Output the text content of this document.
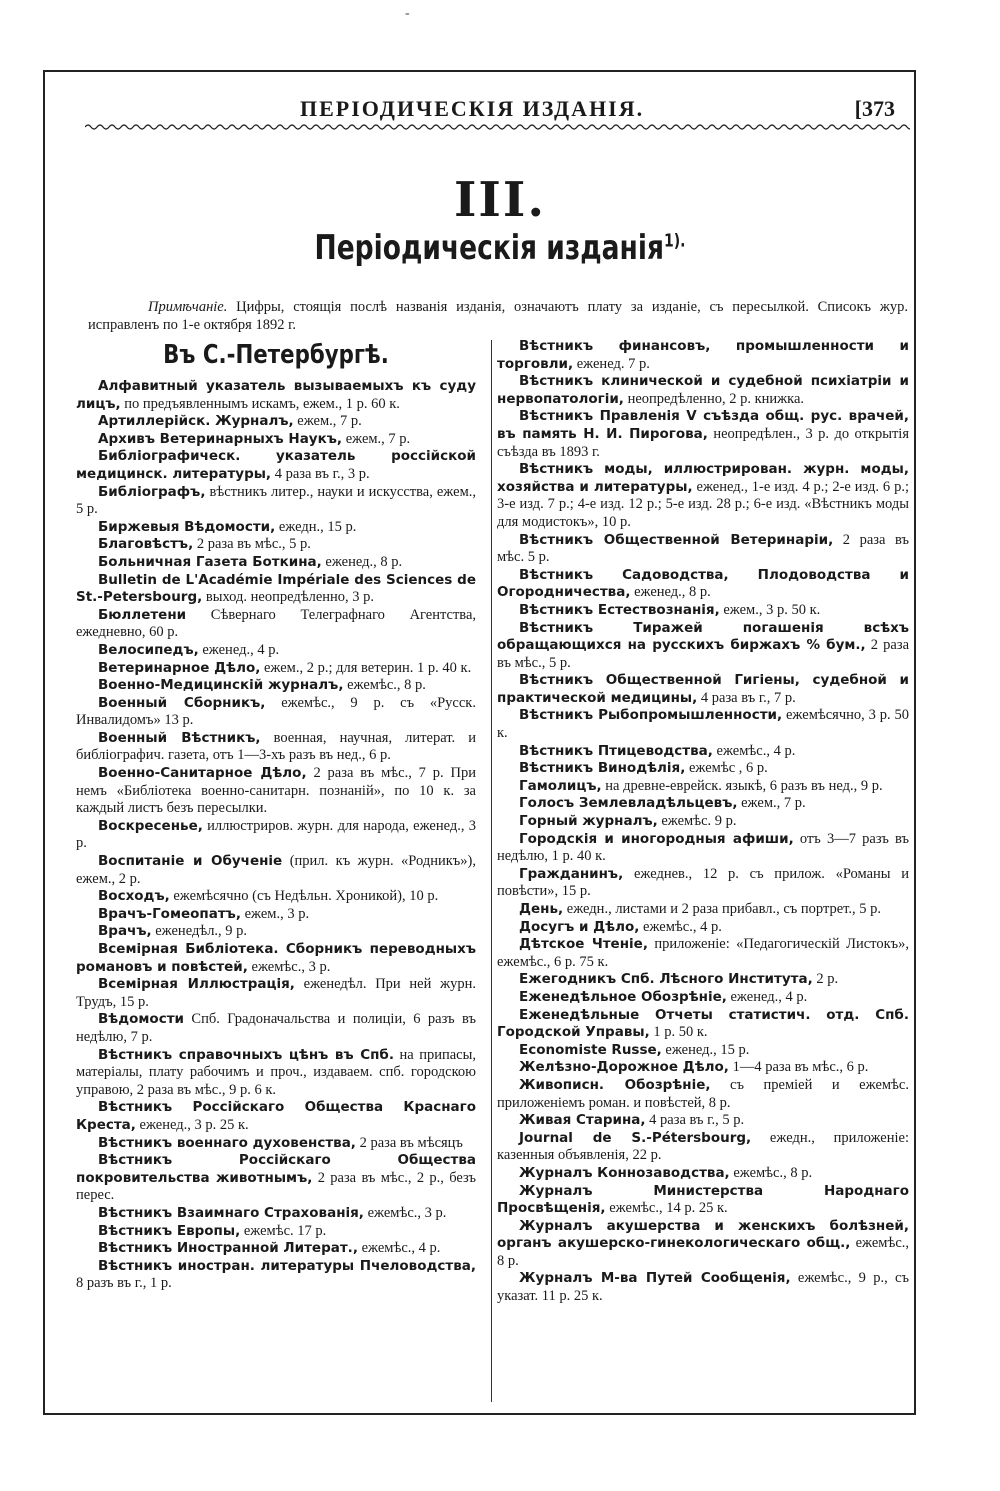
-
ПЕРІОДИЧЕСКІЯ ИЗДАНІЯ.	[373
III.
Періодическія изданія$^{1).}$

Примѣчаніе. Цифры, стоящія послѣ названія изданія, означаютъ плату за изданіе, съ пересылкой. Списокъ жур. исправленъ по 1-е октября 1892 г.

Въ С.-Петербургѣ.

Алфавитный указатель вызываемыхъ къ суду лицъ, по предъявленнымъ искамъ, ежем., 1 р. 60 к.

Артиллерійск. Журналъ, ежем., 7 р.

Архивъ Ветеринарныхъ Наукъ, ежем., 7 р.

Библіографическ. указатель россійской медицинск. литературы, 4 раза въ г., 3 р.

Библіографъ, вѣстникъ литер., науки и искусства, ежем., 5 р.

Биржевыя Вѣдомости, ежедн., 15 р.

Благовѣстъ, 2 раза въ мѣс., 5 р.

Больничная Газета Боткина, еженед., 8 р.

Bulletin de L'Académie Impériale des Sciences de St.-Petersbourg, выход. неопредѣленно, 3 р.

Бюллетени Сѣвернаго Телеграфнаго Агентства, ежедневно, 60 р.

Велосипедъ, еженед., 4 р.

Ветеринарное Дѣло, ежем., 2 р.; для ветерин. 1 р. 40 к.

Военно-Медицинскій журналъ, ежемѣс., 8 р.

Военный Сборникъ, ежемѣс., 9 р. съ «Русск. Инвалидомъ» 13 р.

Военный Вѣстникъ, военная, научная, литерат. и библіографич. газета, отъ 1—3-хъ разъ въ нед., 6 р.

Военно-Санитарное Дѣло, 2 раза въ мѣс., 7 р. При немъ «Библіотека военно-санитарн. познаній», по 10 к. за каждый листъ безъ пересылки.

Воскресенье, иллюстриров. журн. для народа, еженед., 3 р.

Воспитаніе и Обученіе (прил. къ журн. «Родникъ»), ежем., 2 р.

Восходъ, ежемѣсячно (съ Недѣльн. Хроникой), 10 р.

Врачъ-Гомеопатъ, ежем., 3 р.

Врачъ, еженедѣл., 9 р.

Всемірная Библіотека. Сборникъ переводныхъ романовъ и повѣстей, ежемѣс., 3 р.

Всемірная Иллюстрація, еженедѣл. При ней журн. Трудъ, 15 р.

Вѣдомости Спб. Градоначальства и полиціи, 6 разъ въ недѣлю, 7 р.

Вѣстникъ справочныхъ цѣнъ въ Спб. на припасы, матеріалы, плату рабочимъ и проч., издаваем. спб. городскою управою, 2 раза въ мѣс., 9 р. 6 к.

Вѣстникъ Россійскаго Общества Краснаго Креста, еженед., 3 р. 25 к.

Вѣстникъ военнаго духовенства, 2 раза въ мѣсяцъ

Вѣстникъ Россійскаго Общества покровительства животнымъ, 2 раза въ мѣс., 2 р., безъ перес.

Вѣстникъ Взаимнаго Страхованія, ежемѣс., 3 р.

Вѣстникъ Европы, ежемѣс. 17 р.

Вѣстникъ Иностранной Литерат., ежемѣс., 4 р.

Вѣстникъ иностран. литературы Пчеловодства, 8 разъ въ г., 1 р.

Вѣстникъ финансовъ, промышленности и торговли, еженед. 7 р.

Вѣстникъ клинической и судебной психіатріи и нервопатологіи, неопредѣленно, 2 р. книжка.

Вѣстникъ Правленія V съѣзда общ. рус. врачей, въ память Н. И. Пирогова, неопредѣлен., 3 р. до открытія съѣзда въ 1893 г.

Вѣстникъ моды, иллюстрирован. журн. моды, хозяйства и литературы, еженед., 1-е изд. 4 р.; 2-е изд. 6 р.; 3-е изд. 7 р.; 4-е изд. 12 р.; 5-е изд. 28 р.; 6-е изд. «Вѣстникъ моды для модистокъ», 10 р.

Вѣстникъ Общественной Ветеринаріи, 2 раза въ мѣс. 5 р.

Вѣстникъ Садоводства, Плодоводства и Огородничества, еженед., 8 р.

Вѣстникъ Естествознанія, ежем., 3 р. 50 к.

Вѣстникъ Тиражей погашенія всѣхъ обращающихся на русскихъ биржахъ % бум., 2 раза въ мѣс., 5 р.

Вѣстникъ Общественной Гигіены, судебной и практической медицины, 4 раза въ г., 7 р.

Вѣстникъ Рыбопромышленности, ежемѣсячно, 3 р. 50 к.

Вѣстникъ Птицеводства, ежемѣс., 4 р.

Вѣстникъ Винодѣлія, ежемѣс , 6 р.

Гамолицъ, на древне-еврейск. языкѣ, 6 разъ въ нед., 9 р.

Голосъ Землевладѣльцевъ, ежем., 7 р.

Горный журналъ, ежемѣс. 9 р.

Городскія и иногородныя афиши, отъ 3—7 разъ въ недѣлю, 1 р. 40 к.

Гражданинъ, ежеднев., 12 р. съ прилож. «Романы и повѣсти», 15 р.

День, ежедн., листами и 2 раза прибавл., съ портрет., 5 р.

Досугъ и Дѣло, ежемѣс., 4 р.

Дѣтское Чтеніе, приложеніе: «Педагогическій Листокъ», ежемѣс., 6 р. 75 к.

Ежегодникъ Спб. Лѣсного Института, 2 р.

Еженедѣльное Обозрѣніе, еженед., 4 р.

Еженедѣльные Отчеты статистич. отд. Спб. Городской Управы, 1 р. 50 к.

Economiste Russe, еженед., 15 р.

Желѣзно-Дорожное Дѣло, 1—4 раза въ мѣс., 6 р.

Живописн. Обозрѣніе, съ преміей и ежемѣс. приложеніемъ роман. и повѣстей, 8 р.

Живая Старина, 4 раза въ г., 5 р.

Journal de S.-Pétersbourg, ежедн., приложеніе: казенныя объявленія, 22 р.

Журналъ Коннозаводства, ежемѣс., 8 р.

Журналъ Министерства Народнаго Просвѣщенія, ежемѣс., 14 р. 25 к.

Журналъ акушерства и женскихъ болѣзней, органъ акушерско-гинекологическаго общ., ежемѣс., 8 р.

Журналъ М-ва Путей Сообщенія, ежемѣс., 9 р., съ указат. 11 р. 25 к.
